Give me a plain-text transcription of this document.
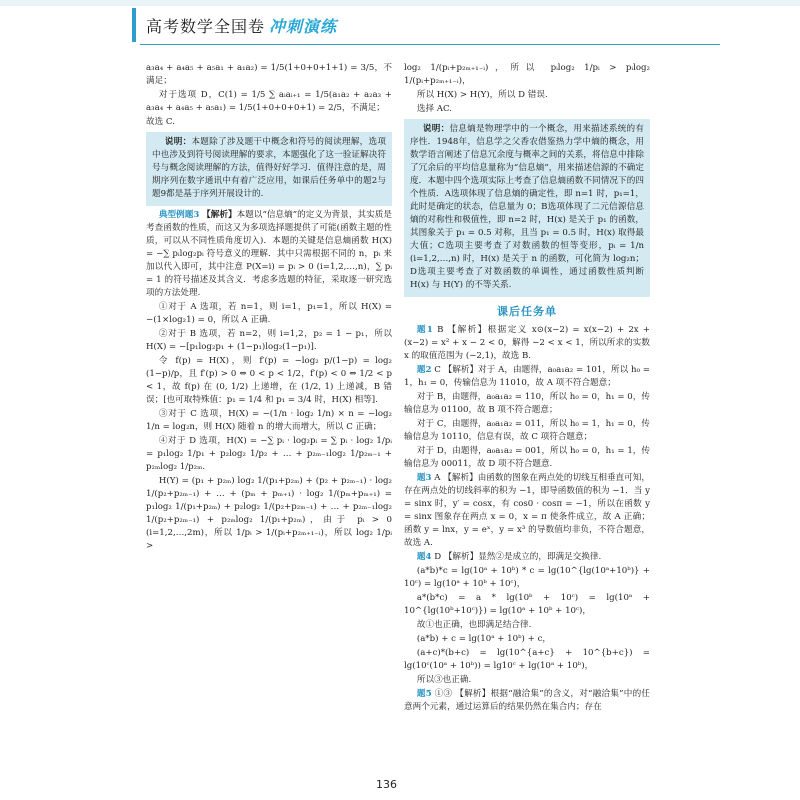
高考数学全国卷 冲刺演练

a₃a₄ + a₄a₅ + a₅a₁ + a₁a₂) = 1/5(1+0+0+1+1) = 3/5，不满足；

对于选项 D，C(1) = 1/5 ∑ aᵢaᵢ₊₁ = 1/5(a₁a₂ + a₂a₃ + a₃a₄ + a₄a₅ + a₅a₁) = 1/5(1+0+0+0+1) = 2/5，不满足；

故选 C.

说明：本题除了涉及题干中概念和符号的阅读理解，选项中也涉及到符号阅读理解的要求，本题强化了这一验证解决符号与概念阅读理解的方法，值得好好学习．值得注意的是，周期序列在数字通讯中有着广泛应用，如课后任务单中的题2与题9都是基于序列开展设计的.

典型例题3 【解析】本题以“信息熵”的定义为背景，其实质是考查函数的性质，而这又为多项选择题提供了可能(函数主题的性质，可以从不同性质角度切入)．本题的关键是信息熵函数 H(X) = −∑ pᵢlog₂pᵢ 符号意义的理解．其中只需根据不同的 n，pᵢ 来加以代入即可，其中注意 P(X=i) = pᵢ > 0 (i=1,2,…,n)，∑ pᵢ = 1 的符号描述及其含义．考虑多选题的特征，采取逐一研究选项的方法处理.

①对于 A 选项，若 n=1，则 i=1，p₁=1，所以 H(X) = −(1×log₂1) = 0，所以 A 正确.

②对于 B 选项，若 n=2，则 i=1,2，p₂ = 1 − p₁，所以 H(X) = −[p₁log₂p₁ + (1−p₁)log₂(1−p₁)].

令 f(p) = H(X)，则 f′(p) = −log₂ p/(1−p) = log₂ (1−p)/p，且 f′(p) > 0 ⇔ 0 < p < 1/2，f′(p) < 0 ⇔ 1/2 < p < 1，故 f(p) 在 (0, 1/2) 上递增，在 (1/2, 1) 上递减，B 错误；[也可取特殊值：p₁ = 1/4 和 p₁ = 3/4 时，H(X) 相等].

③对于 C 选项，H(X) = −(1/n · log₂ 1/n) × n = −log₂ 1/n = log₂n，则 H(X) 随着 n 的增大而增大，所以 C 正确；

④对于 D 选项，H(X) = −∑ pᵢ · log₂pᵢ = ∑ pᵢ · log₂ 1/pᵢ = p₁log₂ 1/p₁ + p₂log₂ 1/p₂ + … + p₂ₘ₋₁log₂ 1/p₂ₘ₋₁ + p₂ₘlog₂ 1/p₂ₘ.

H(Y) = (p₁ + p₂ₘ) log₂ 1/(p₁+p₂ₘ) + (p₂ + p₂ₘ₋₁) · log₂ 1/(p₂+p₂ₘ₋₁) + … + (pₘ + pₘ₊₁) · log₂ 1/(pₘ+pₘ₊₁) = p₁log₂ 1/(p₁+p₂ₘ) + p₂log₂ 1/(p₂+p₂ₘ₋₁) + … + p₂ₘ₋₁log₂ 1/(p₂+p₂ₘ₋₁) + p₂ₘlog₂ 1/(p₁+p₂ₘ)，由于 pᵢ > 0 (i=1,2,…,2m)，所以 1/pᵢ > 1/(pᵢ+p₂ₘ₊₁₋ᵢ)，所以 log₂ 1/pᵢ >

log₂ 1/(pᵢ+p₂ₘ₊₁₋ᵢ)，所以 pᵢlog₂ 1/pᵢ > pᵢlog₂ 1/(pᵢ+p₂ₘ₊₁₋ᵢ)，

所以 H(X) > H(Y)，所以 D 错误.

选择 AC.

说明：信息熵是物理学中的一个概念，用来描述系统的有序性．1948年，信息学之父香农借鉴热力学中熵的概念，用数学语言阐述了信息冗余度与概率之间的关系，将信息中排除了冗余后的平均信息量称为“信息熵”，用来描述信源的不确定度．本题中四个选项实际上考查了信息熵函数不同情况下的四个性质．A选项体现了信息熵的确定性，即 n=1 时，p₁=1，此时是确定的状态，信息量为 0；B选项体现了二元信源信息熵的对称性和极值性，即 n=2 时，H(x) 是关于 p₁ 的函数，其图象关于 p₁ = 0.5 对称，且当 p₁ = 0.5 时，H(x) 取得最大值；C选项主要考查了对数函数的恒等变形，pᵢ = 1/n (i=1,2,…,n) 时，H(x) 是关于 n 的函数，可化简为 log₂n；D选项主要考查了对数函数的单调性，通过函数性质判断 H(x) 与 H(Y) 的不等关系.

课后任务单

题1 B 【解析】根据定义 x⊙(x−2) = x(x−2) + 2x + (x−2) = x² + x − 2 < 0，解得 −2 < x < 1，所以所求的实数 x 的取值范围为 (−2,1)，故选 B.

题2 C 【解析】对于 A，由题得，a₀a₁a₂ = 101，所以 h₀ = 1，h₁ = 0，传输信息为 11010，故 A 项不符合题意；

对于 B，由题得，a₀a₁a₂ = 110，所以 h₀ = 0，h₁ = 0，传输信息为 01100，故 B 项不符合题意；

对于 C，由题得，a₀a₁a₂ = 011，所以 h₀ = 1，h₁ = 0，传输信息为 10110，信息有误，故 C 项符合题意；

对于 D，由题得，a₀a₁a₂ = 001，所以 h₀ = 0，h₁ = 1，传输信息为 00011，故 D 项不符合题意.

题3 A 【解析】由函数的图象在两点处的切线互相垂直可知，存在两点处的切线斜率的积为 −1，即导函数值的积为 −1．当 y = sinx 时，y′ = cosx，有 cos0 · cosπ = −1，所以在函数 y = sinx 图象存在两点 x = 0，x = π 使条件成立，故 A 正确；函数 y = lnx，y = eˣ，y = x³ 的导数值均非负，不符合题意，故选 A.

题4 D 【解析】显然②是成立的，即满足交换律.

(a*b)*c = lg(10ᵃ + 10ᵇ) * c = lg(10^{lg(10ᵃ+10ᵇ)} + 10ᶜ) = lg(10ᵃ + 10ᵇ + 10ᶜ)，

a*(b*c) = a * lg(10ᵇ + 10ᶜ) = lg(10ᵃ + 10^{lg(10ᵇ+10ᶜ)}) = lg(10ᵃ + 10ᵇ + 10ᶜ)，

故①也正确，也即满足结合律.

(a*b) + c = lg(10ᵃ + 10ᵇ) + c，

(a+c)*(b+c) = lg(10^{a+c} + 10^{b+c}) = lg(10ᶜ(10ᵃ + 10ᵇ)) = lg10ᶜ + lg(10ᵃ + 10ᵇ)，

所以③也正确.

题5 ①③ 【解析】根据“融洽集”的含义，对“融洽集”中的任意两个元素，通过运算后的结果仍然在集合内；存在

136
